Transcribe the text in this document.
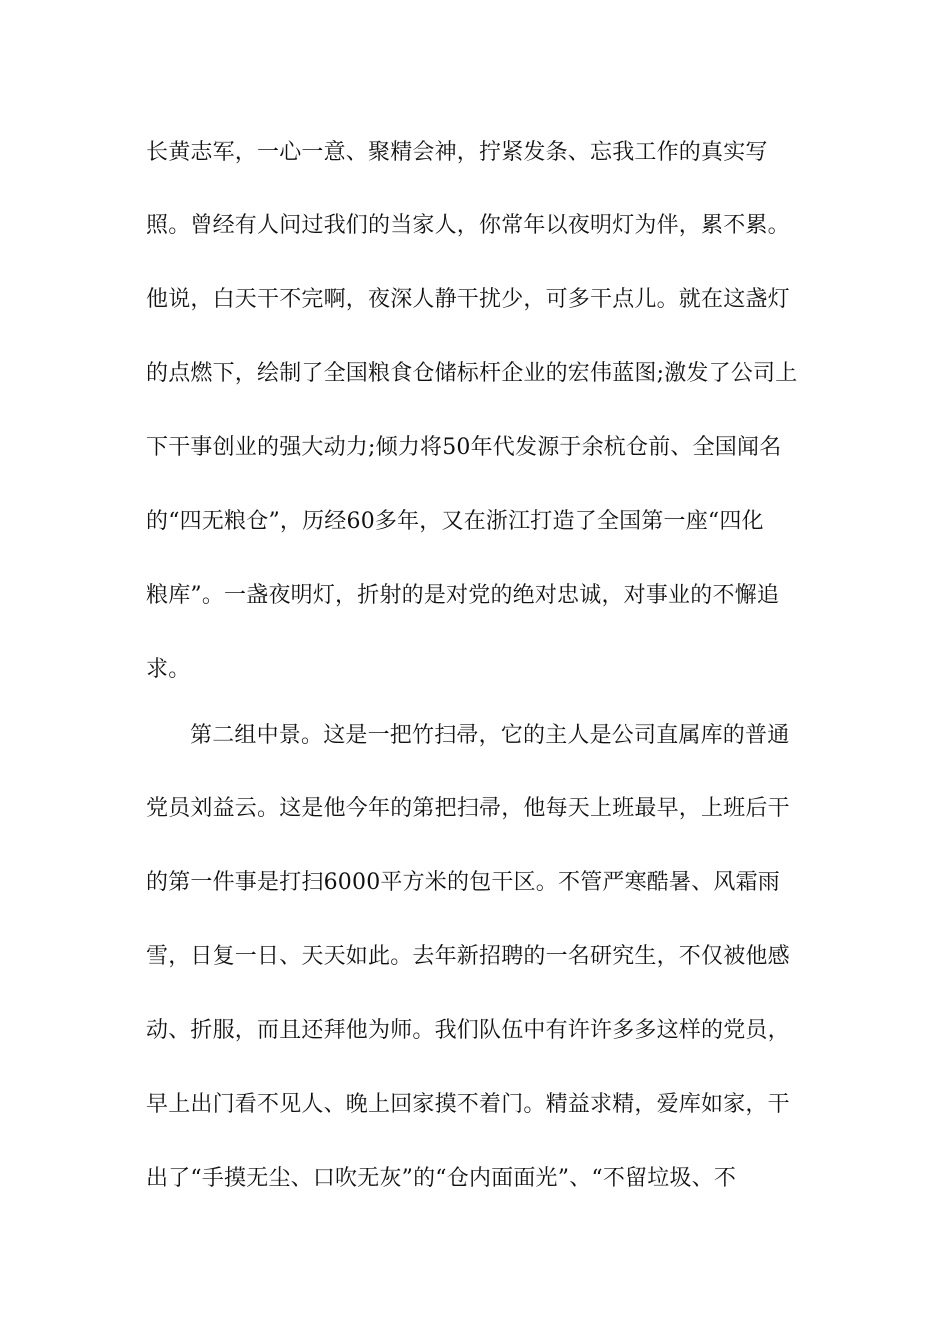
长黄志军，一心一意、聚精会神，拧紧发条、忘我工作的真实写
照。曾经有人问过我们的当家人，你常年以夜明灯为伴，累不累。
他说，白天干不完啊，夜深人静干扰少，可多干点儿。就在这盏灯
的点燃下，绘制了全国粮食仓储标杆企业的宏伟蓝图;激发了公司上
下干事创业的强大动力;倾力将50年代发源于余杭仓前、全国闻名
的“四无粮仓”，历经60多年，又在浙江打造了全国第一座“四化
粮库”。一盏夜明灯，折射的是对党的绝对忠诚，对事业的不懈追
求。
第二组中景。这是一把竹扫帚，它的主人是公司直属库的普通
党员刘益云。这是他今年的第把扫帚，他每天上班最早，上班后干
的第一件事是打扫6000平方米的包干区。不管严寒酷暑、风霜雨
雪，日复一日、天天如此。去年新招聘的一名研究生，不仅被他感
动、折服，而且还拜他为师。我们队伍中有许许多多这样的党员，
早上出门看不见人、晚上回家摸不着门。精益求精，爱库如家，干
出了“手摸无尘、口吹无灰”的“仓内面面光”、“不留垃圾、不
